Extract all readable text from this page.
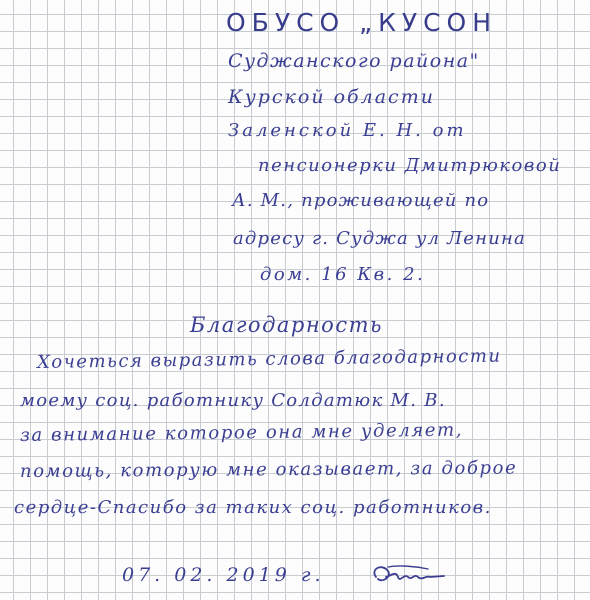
ОБУСО „КУСОН
Суджанского района"
Курской области
Заленской Е. Н. от
пенсионерки Дмитрюковой
А. М., проживающей по
адресу г. Суджа ул Ленина
дом. 16 Кв. 2.
Благодарность
Хочеться выразить слова благодарности
моему соц. работнику Солдатюк М. В.
за внимание которое она мне уделяет,
помощь, которую мне оказывает, за доброе
сердце-Спасибо за таких соц. работников.
07. 02. 2019 г.
